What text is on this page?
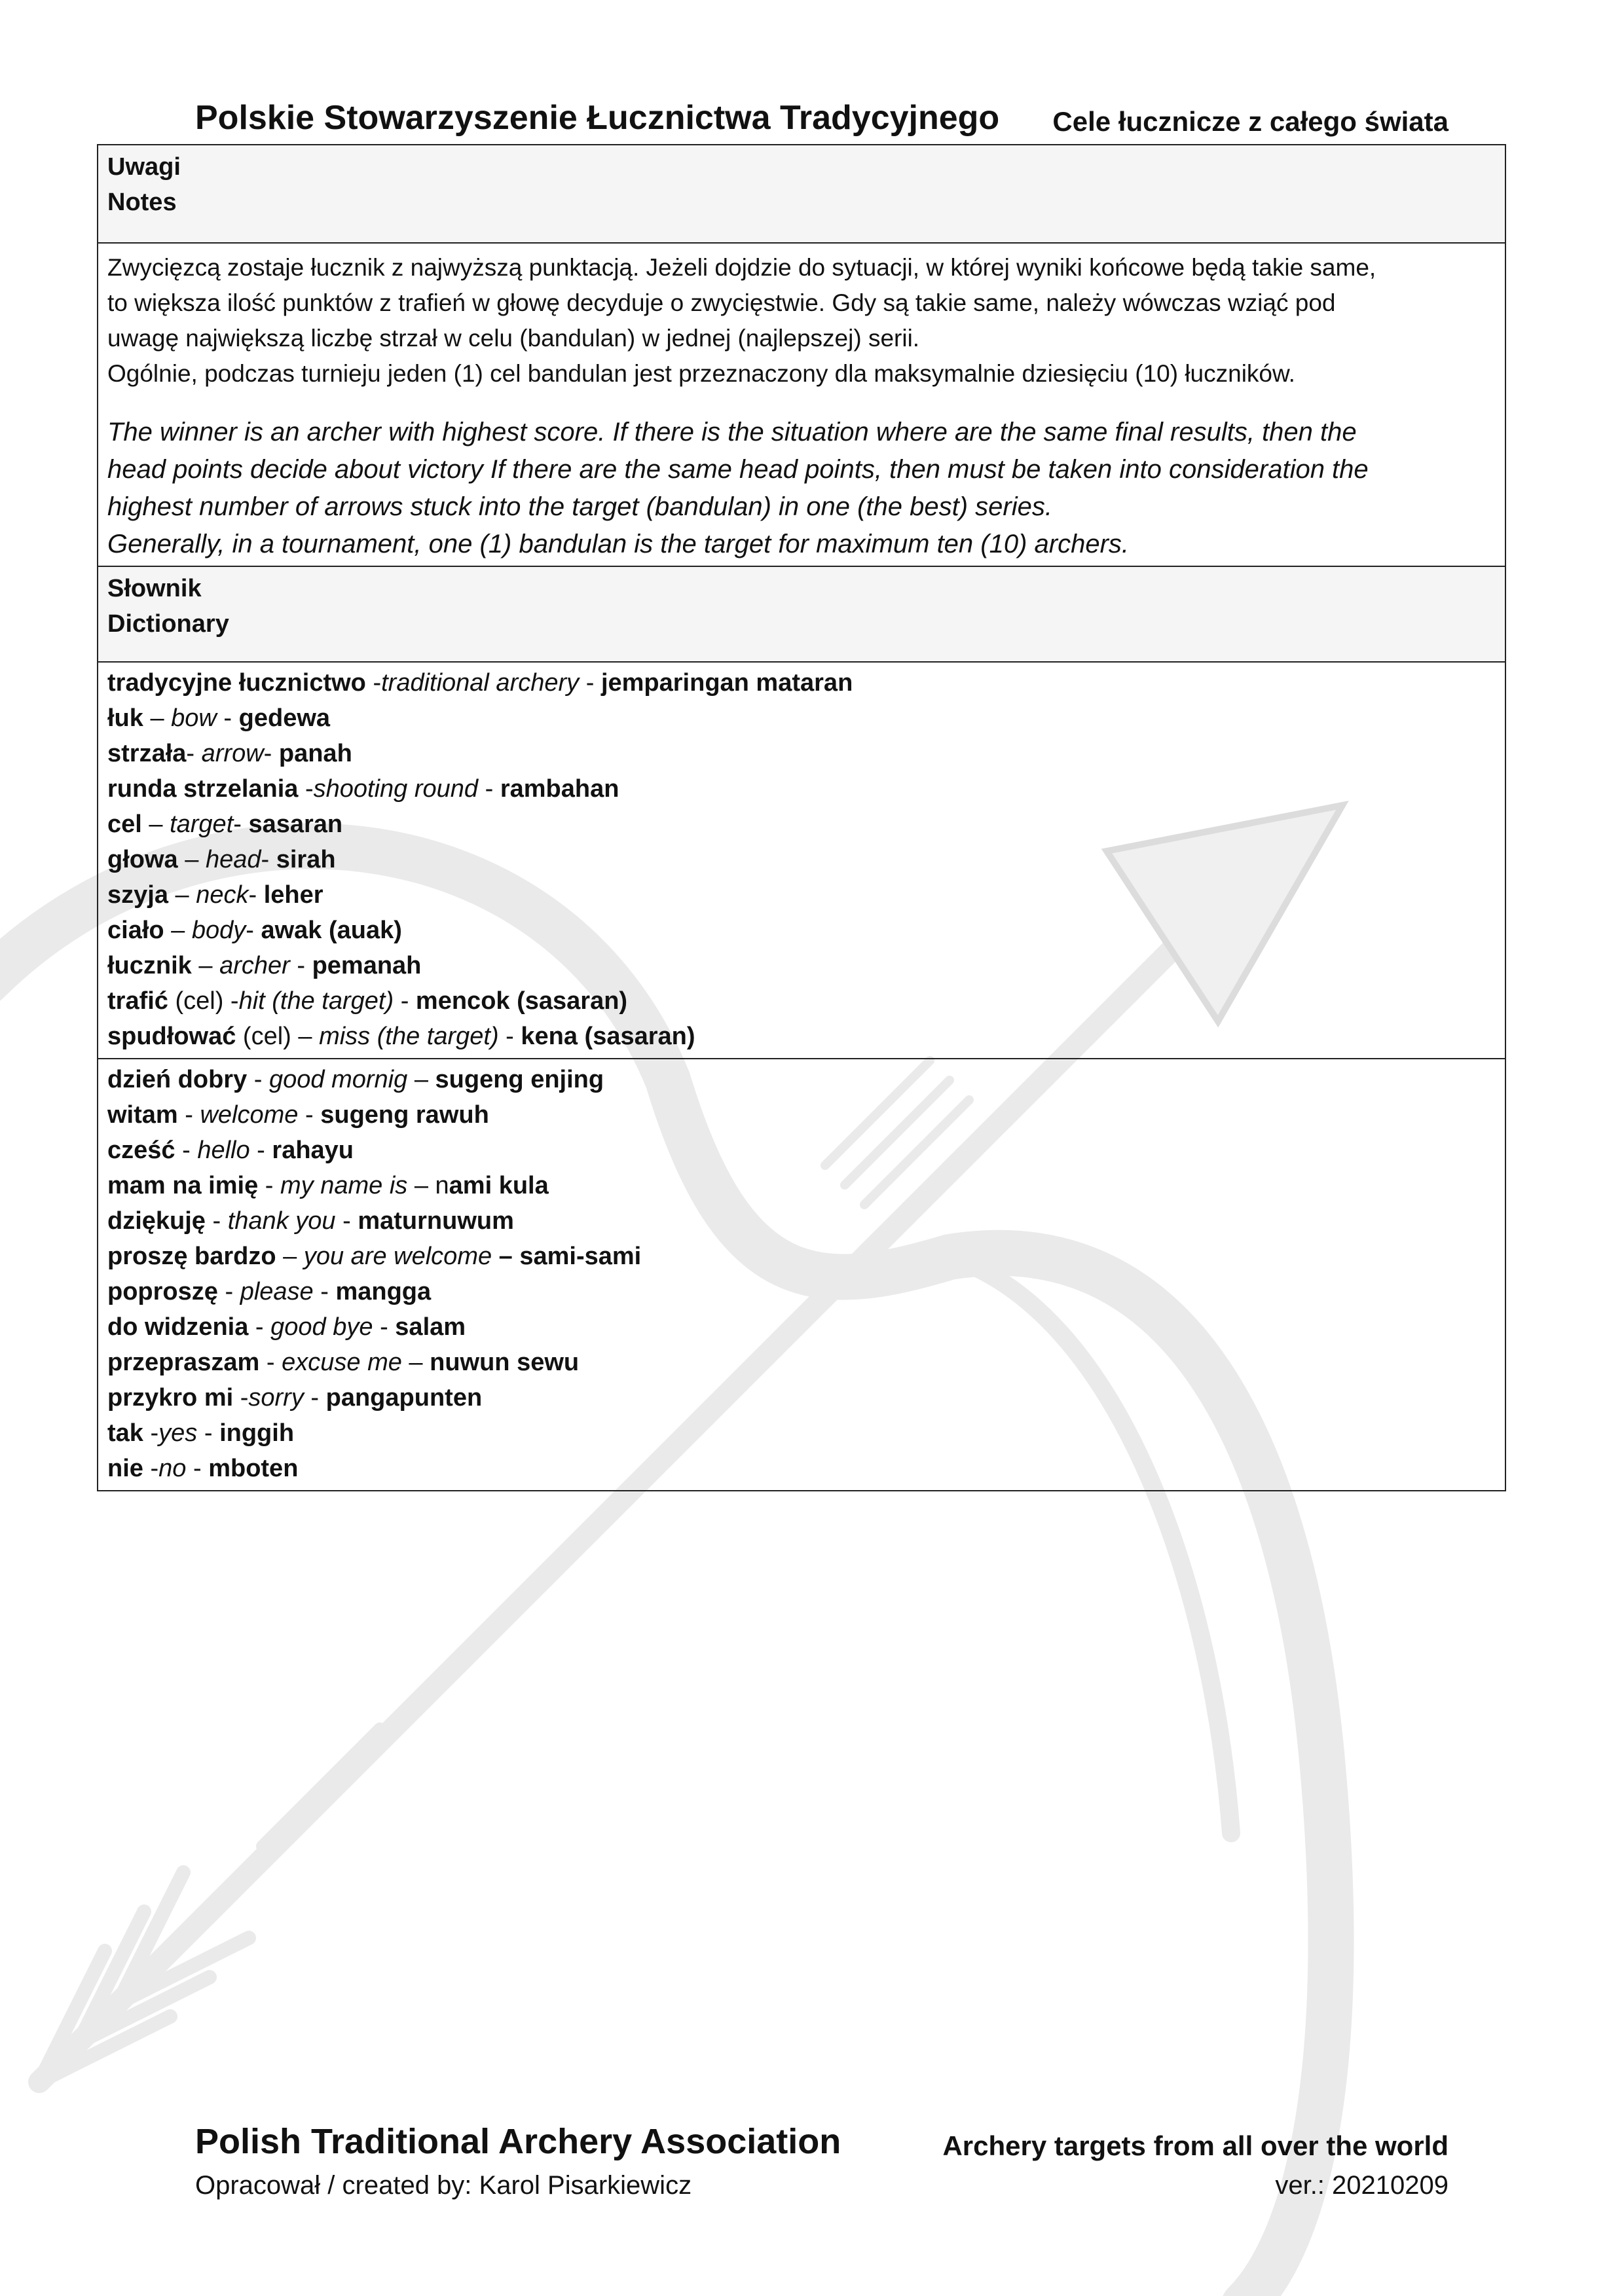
Polskie Stowarzyszenie Łucznictwa Tradycyjnego Cele łucznicze z całego świata
Uwagi
Notes
Zwycięzcą zostaje łucznik z najwyższą punktacją. Jeżeli dojdzie do sytuacji, w której wyniki końcowe będą takie same,
to większa ilość punktów z trafień w głowę decyduje o zwycięstwie. Gdy są takie same, należy wówczas wziąć pod
uwagę największą liczbę strzał w celu (bandulan) w jednej (najlepszej) serii.
Ogólnie, podczas turnieju jeden (1) cel bandulan jest przeznaczony dla maksymalnie dziesięciu (10) łuczników.
The winner is an archer with highest score. If there is the situation where are the same final results, then the
head points decide about victory If there are the same head points, then must be taken into consideration the
highest number of arrows stuck into the target (bandulan) in one (the best) series.
Generally, in a tournament, one (1) bandulan is the target for maximum ten (10) archers.
Słownik
Dictionary
tradycyjne łucznictwo -traditional archery - jemparingan mataran
łuk – bow - gedewa
strzała- arrow- panah
runda strzelania -shooting round - rambahan
cel – target- sasaran
głowa – head- sirah
szyja – neck- leher
ciało – body- awak (auak)
łucznik – archer - pemanah
trafić (cel) -hit (the target) - mencok (sasaran)
spudłować (cel) – miss (the target) - kena (sasaran)
dzień dobry - good mornig – sugeng enjing
witam - welcome - sugeng rawuh
cześć - hello - rahayu
mam na imię - my name is – nami kula
dziękuję - thank you - maturnuwum
proszę bardzo – you are welcome – sami-sami
poproszę - please - mangga
do widzenia - good bye - salam
przepraszam - excuse me – nuwun sewu
przykro mi -sorry - pangapunten
tak -yes - inggih
nie -no - mboten
Polish Traditional Archery Association	Archery targets from all over the world
Opracował / created by: Karol Pisarkiewicz	ver.: 20210209
